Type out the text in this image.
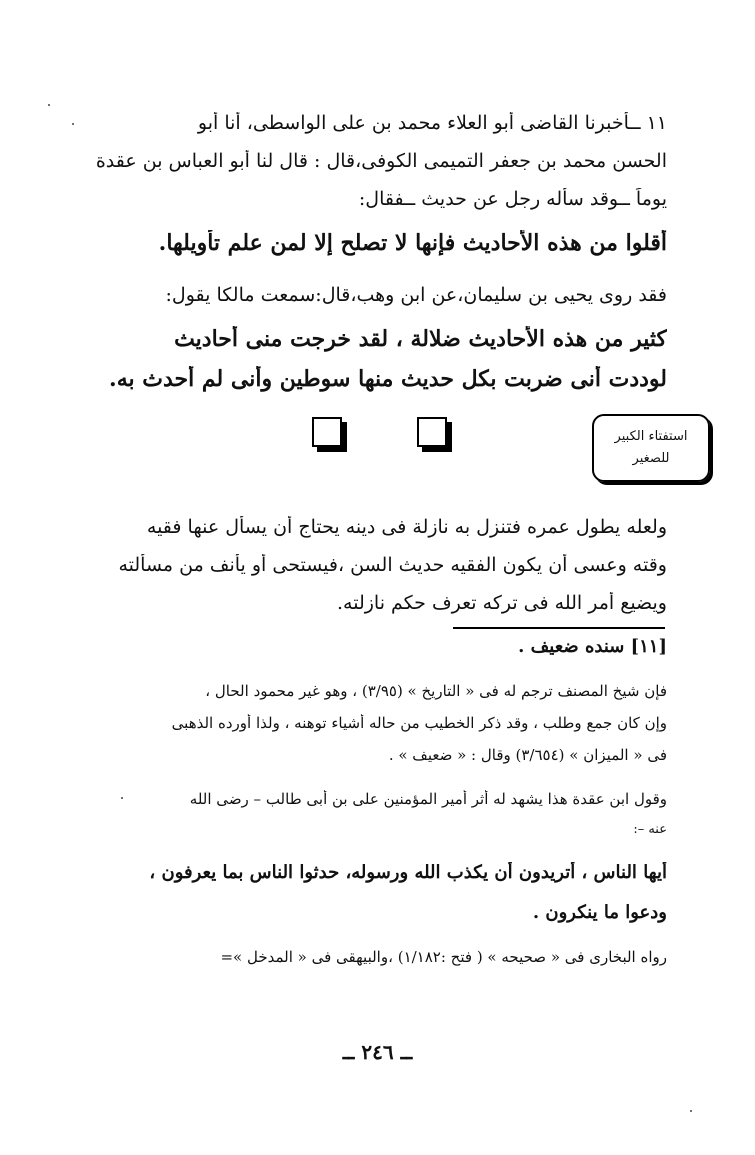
١١ ــأخبرنا القاضى أبو العلاء محمد بن على الواسطى، أنا أبو
الحسن محمد بن جعفر التميمى الكوفى،قال : قال لنا أبو العباس بن عقدة
يوماً ــوقد سأله رجل عن حديث ــفقال:
أقلوا من هذه الأحاديث فإنها لا تصلح إلا لمن علم تأويلها.
فقد روى يحيى بن سليمان،عن ابن وهب،قال:سمعت مالكا يقول:
كثير من هذه الأحاديث ضلالة ، لقد خرجت منى أحاديث
لوددت أنى ضربت بكل حديث منها سوطين وأنى لم أحدث به.
استفتاء الكبير
للصغير
ولعله يطول عمره فتنزل به نازلة فى دينه يحتاج أن يسأل عنها فقيه
وقته وعسى أن يكون الفقيه حديث السن ،فيستحى أو يأنف من مسألته
ويضيع أمر الله فى تركه تعرف حكم نازلته.
[١١] سنده ضعيف .
فإن شيخ المصنف ترجم له فى « التاريخ » (٣/٩٥) ، وهو غير محمود الحال ،
وإن كان جمع وطلب ، وقد ذكر الخطيب من حاله أشياء توهنه ، ولذا أورده الذهبى
فى « الميزان » (٣/٦٥٤) وقال : « ضعيف » .
وقول ابن عقدة هذا يشهد له أثر أمير المؤمنين على بن أبى طالب – رضى الله
عنه –:
أيها الناس ، أتريدون أن يكذب الله ورسوله، حدثوا الناس بما يعرفون ،
ودعوا ما ينكرون .
رواه البخارى فى « صحيحه » ( فتح :١/١٨٢) ،والبيهقى فى « المدخل »=
ــ ٢٤٦ ــ
